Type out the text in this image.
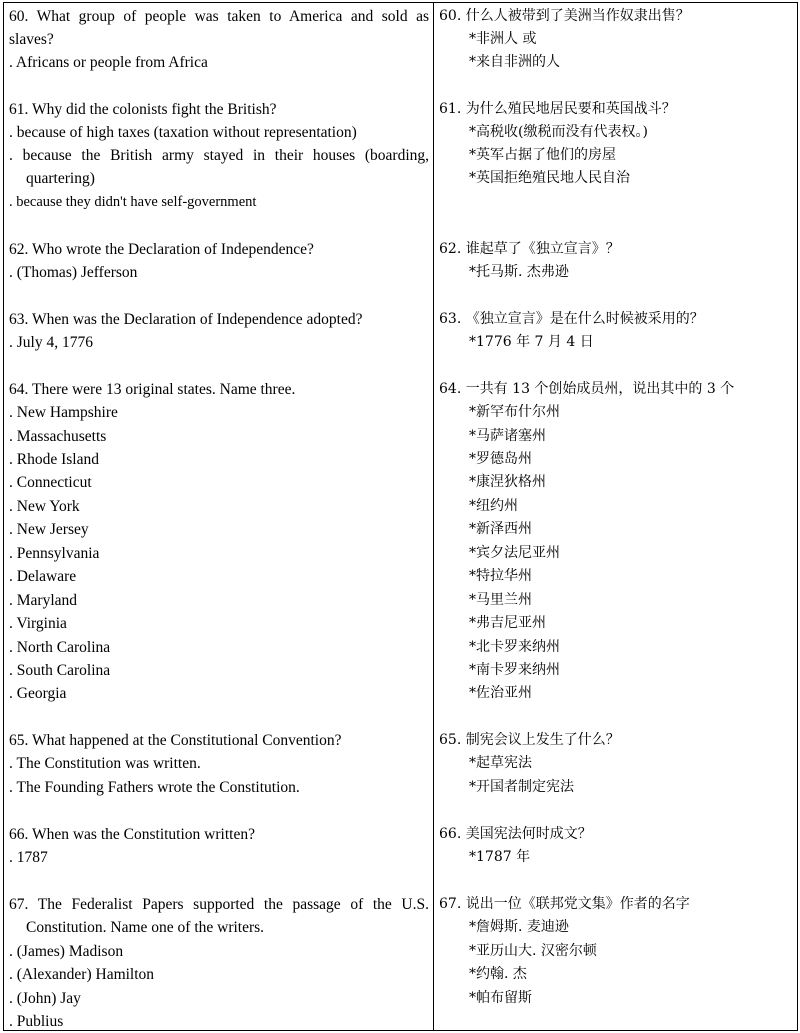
60. What group of people was taken to America and sold as
slaves?
. Africans or people from Africa
61. Why did the colonists fight the British?
. because of high taxes (taxation without representation)
. because the British army stayed in their houses (boarding,
quartering)
. because they didn't have self-government
62. Who wrote the Declaration of Independence?
. (Thomas) Jefferson
63. When was the Declaration of Independence adopted?
. July 4, 1776
64. There were 13 original states. Name three.
. New Hampshire
. Massachusetts
. Rhode Island
. Connecticut
. New York
. New Jersey
. Pennsylvania
. Delaware
. Maryland
. Virginia
. North Carolina
. South Carolina
. Georgia
65. What happened at the Constitutional Convention?
. The Constitution was written.
. The Founding Fathers wrote the Constitution.
66. When was the Constitution written?
. 1787
67. The Federalist Papers supported the passage of the U.S.
Constitution. Name one of the writers.
. (James) Madison
. (Alexander) Hamilton
. (John) Jay
. Publius
60. 什么人被带到了美洲当作奴隶出售？
*非洲人 或
*来自非洲的人
61. 为什么殖民地居民要和英国战斗？
*高税收(缴税而没有代表权。)
*英军占据了他们的房屋
*英国拒绝殖民地人民自治
62. 谁起草了《独立宣言》？
*托马斯. 杰弗逊
63. 《独立宣言》是在什么时候被采用的？
*1776 年 7 月 4 日
64. 一共有 13 个创始成员州，说出其中的 3 个
*新罕布什尔州
*马萨诸塞州
*罗德岛州
*康涅狄格州
*纽约州
*新泽西州
*宾夕法尼亚州
*特拉华州
*马里兰州
*弗吉尼亚州
*北卡罗来纳州
*南卡罗来纳州
*佐治亚州
65. 制宪会议上发生了什么？
*起草宪法
*开国者制定宪法
66. 美国宪法何时成文？
*1787 年
67. 说出一位《联邦党文集》作者的名字
*詹姆斯. 麦迪逊
*亚历山大. 汉密尔顿
*约翰. 杰
*帕布留斯
